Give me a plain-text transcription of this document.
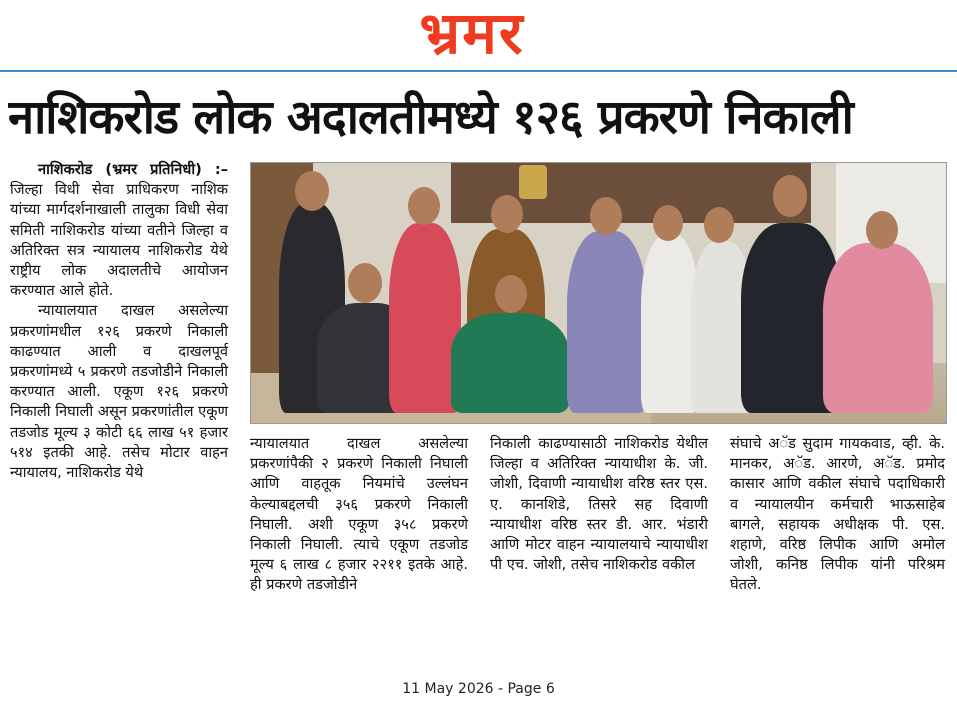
भ्रमर
नाशिकरोड लोक अदालतीमध्ये १२६ प्रकरणे निकाली

नाशिकरोड (भ्रमर प्रतिनिधी) :– जिल्हा विधी सेवा प्राधिकरण नाशिक यांच्या मार्गदर्शनाखाली तालुका विधी सेवा समिती नाशिकरोड यांच्या वतीने जिल्हा व अतिरिक्त सत्र न्यायालय नाशिकरोड येथे राष्ट्रीय लोक अदालतीचे आयोजन करण्यात आले होते.

न्यायालयात दाखल असलेल्या प्रकरणांमधील १२६ प्रकरणे निकाली काढण्यात आली व दाखलपूर्व प्रकरणांमध्ये ५ प्रकरणे तडजोडीने निकाली करण्यात आली. एकूण १२६ प्रकरणे निकाली निघाली असून प्रकरणांतील एकूण तडजोड मूल्य ३ कोटी ६६ लाख ५१ हजार ५१४ इतकी आहे. तसेच मोटार वाहन न्यायालय, नाशिकरोड येथे

न्यायालयात दाखल असलेल्या प्रकरणांपैकी २ प्रकरणे निकाली निघाली आणि वाहतूक नियमांचे उल्लंघन केल्याबद्दलची ३५६ प्रकरणे निकाली निघाली. अशी एकूण ३५८ प्रकरणे निकाली निघाली. त्याचे एकूण तडजोड मूल्य ६ लाख ८ हजार २२११ इतके आहे. ही प्रकरणे तडजोडीने

निकाली काढण्यासाठी नाशिकरोड येथील जिल्हा व अतिरिक्त न्यायाधीश के. जी. जोशी, दिवाणी न्यायाधीश वरिष्ठ स्तर एस. ए. कानशिडे, तिसरे सह दिवाणी न्यायाधीश वरिष्ठ स्तर डी. आर. भंडारी आणि मोटर वाहन न्यायालयाचे न्यायाधीश पी एच. जोशी, तसेच नाशिकरोड वकील

संघाचे अॅड सुदाम गायकवाड, व्ही. के. मानकर, अॅड. आरणे, अॅड. प्रमोद कासार आणि वकील संघाचे पदाधिकारी व न्यायालयीन कर्मचारी भाऊसाहेब बागले, सहायक अधीक्षक पी. एस. शहाणे, वरिष्ठ लिपीक आणि अमोल जोशी, कनिष्ठ लिपीक यांनी परिश्रम घेतले.

11 May 2026 - Page 6
